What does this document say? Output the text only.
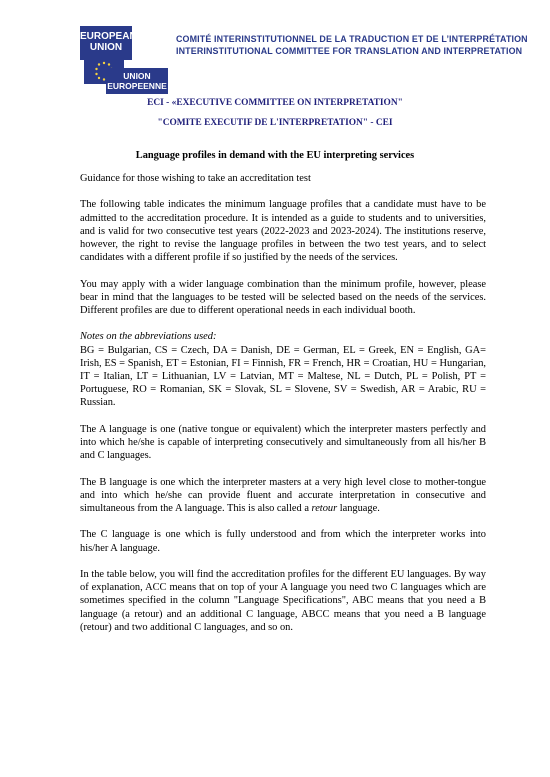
EUROPEAN
UNION
UNION
EUROPEENNE
COMITÉ INTERINSTITUTIONNEL DE LA TRADUCTION ET DE L’INTERPRÉTATION
INTERINSTITUTIONAL COMMITTEE FOR TRANSLATION AND INTERPRETATION
ECI - «EXECUTIVE COMMITTEE ON INTERPRETATION"
"COMITE EXECUTIF DE L'INTERPRETATION" - CEI
Language profiles in demand with the EU interpreting services

Guidance for those wishing to take an accreditation test

The following table indicates the minimum language profiles that a candidate must have to be admitted to the accreditation procedure. It is intended as a guide to students and to universities, and is valid for two consecutive test years (2022-2023 and 2023-2024). The institutions reserve, however, the right to revise the language profiles in between the two test years, and to select candidates with a different profile if so justified by the needs of the services.

You may apply with a wider language combination than the minimum profile, however, please bear in mind that the languages to be tested will be selected based on the needs of the services. Different profiles are due to different operational needs in each individual booth.

Notes on the abbreviations used:

BG = Bulgarian, CS = Czech, DA = Danish, DE = German, EL = Greek, EN = English, GA= Irish, ES = Spanish, ET = Estonian, FI = Finnish, FR = French, HR = Croatian, HU = Hungarian, IT = Italian, LT = Lithuanian, LV = Latvian, MT = Maltese, NL = Dutch, PL = Polish, PT = Portuguese, RO = Romanian, SK = Slovak, SL = Slovene, SV = Swedish, AR = Arabic, RU = Russian.

The A language is one (native tongue or equivalent) which the interpreter masters perfectly and into which he/she is capable of interpreting consecutively and simultaneously from all his/her B and C languages.

The B language is one which the interpreter masters at a very high level close to mother-tongue and into which he/she can provide fluent and accurate interpretation in consecutive and simultaneous from the A language. This is also called a retour language.

The C language is one which is fully understood and from which the interpreter works into his/her A language.

In the table below, you will find the accreditation profiles for the different EU languages. By way of explanation, ACC means that on top of your A language you need two C languages which are sometimes specified in the column "Language Specifications", ABC means that you need a B language (a retour) and an additional C language, ABCC means that you need a B language (retour) and two additional C languages, and so on.
